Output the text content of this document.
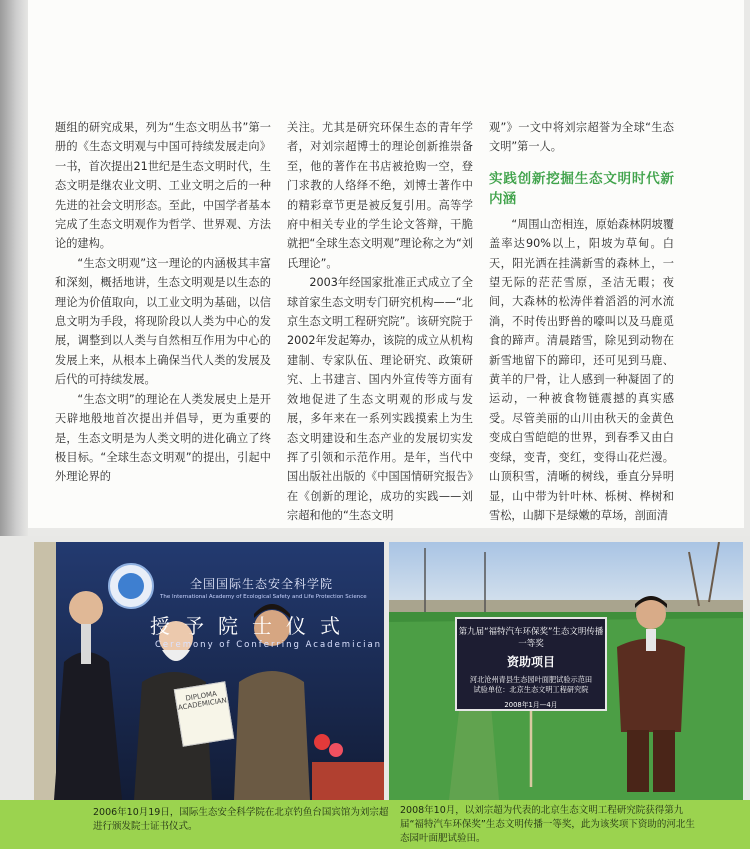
题组的研究成果，列为“生态文明丛书”第一册的《生态文明观与中国可持续发展走向》一书，首次提出21世纪是生态文明时代，生态文明是继农业文明、工业文明之后的一种先进的社会文明形态。至此，中国学者基本完成了生态文明观作为哲学、世界观、方法论的建构。

“生态文明观”这一理论的内涵极其丰富和深刻，概括地讲，生态文明观是以生态的理论为价值取向，以工业文明为基础，以信息文明为手段，将现阶段以人类为中心的发展，调整到以人类与自然相互作用为中心的发展上来，从根本上确保当代人类的发展及后代的可持续发展。

“生态文明”的理论在人类发展史上是开天辟地般地首次提出并倡导，更为重要的是，生态文明是为人类文明的进化确立了终极目标。“全球生态文明观”的提出，引起中外理论界的

关注。尤其是研究环保生态的青年学者，对刘宗超博士的理论创新推崇备至，他的著作在书店被抢购一空，登门求教的人络绎不绝，刘博士著作中的精彩章节更是被反复引用。高等学府中相关专业的学生论文答辩，干脆就把“全球生态文明观”理论称之为“刘氏理论”。

2003年经国家批准正式成立了全球首家生态文明专门研究机构——“北京生态文明工程研究院”。该研究院于2002年发起筹办，该院的成立从机构建制、专家队伍、理论研究、政策研究、上书建言、国内外宣传等方面有效地促进了生态文明观的形成与发展，多年来在一系列实践摸索上为生态文明建设和生态产业的发展切实发挥了引领和示范作用。是年，当代中国出版社出版的《中国国情研究报告》在《创新的理论，成功的实践——刘宗超和他的“生态文明

观”》一文中将刘宗超誉为全球“生态文明”第一人。

实践创新挖掘生态文明时代新内涵

“周围山峦相连，原始森林阴坡覆盖率达90%以上，阳坡为草甸。白天，阳光洒在挂满新雪的森林上，一望无际的茫茫雪原，圣洁无暇；夜间，大森林的松涛伴着滔滔的河水流淌，不时传出野兽的嚎叫以及马鹿觅食的蹄声。清晨踏雪，除见到动物在新雪地留下的蹄印，还可见到马鹿、黄羊的尸骨，让人感到一种凝固了的运动，一种被食物链震撼的真实感受。尽管美丽的山川由秋天的金黄色变成白雪皑皑的世界，到春季又由白变绿，变青，变红，变得山花烂漫。山顶积雪，清晰的树线，垂直分异明显，山中带为针叶林、栎树、桦树和雪松，山脚下是绿嫩的草场，剖面清

全国国际生态安全科学院
The International Academy of Ecological Safety and Life Protection Science
授予院士仪式
Ceremony of Conferring Academician
DIPLOMA ACADEMICIAN
第九届“福特汽车环保奖”生态文明传播一等奖
资助项目
河北沧州青县生态园叶面肥试验示范田
试验单位：北京生态文明工程研究院
2008年1月—4月
2006年10月19日，国际生态安全科学院在北京钓鱼台国宾馆为刘宗超进行颁发院士证书仪式。
2008年10月，以刘宗超为代表的北京生态文明工程研究院获得第九届“福特汽车环保奖”生态文明传播一等奖，此为该奖项下资助的河北生态园叶面肥试验田。
